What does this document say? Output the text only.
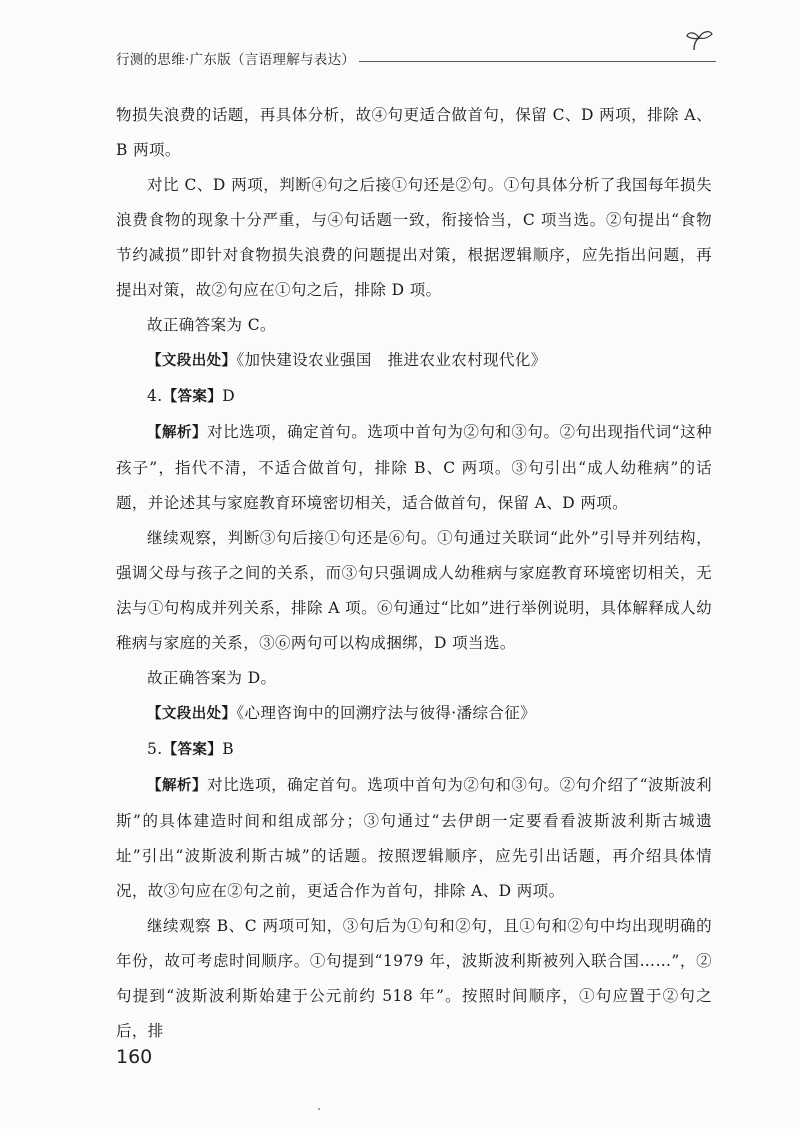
行测的思维·广东版（言语理解与表达）

物损失浪费的话题，再具体分析，故④句更适合做首句，保留 C、D 两项，排除 A、B 两项。

对比 C、D 两项，判断④句之后接①句还是②句。①句具体分析了我国每年损失浪费食物的现象十分严重，与④句话题一致，衔接恰当，C 项当选。②句提出“食物节约减损”即针对食物损失浪费的问题提出对策，根据逻辑顺序，应先指出问题，再提出对策，故②句应在①句之后，排除 D 项。

故正确答案为 C。

【文段出处】《加快建设农业强国　推进农业农村现代化》

4.【答案】D

【解析】对比选项，确定首句。选项中首句为②句和③句。②句出现指代词“这种孩子”，指代不清，不适合做首句，排除 B、C 两项。③句引出“成人幼稚病”的话题，并论述其与家庭教育环境密切相关，适合做首句，保留 A、D 两项。

继续观察，判断③句后接①句还是⑥句。①句通过关联词“此外”引导并列结构，强调父母与孩子之间的关系，而③句只强调成人幼稚病与家庭教育环境密切相关，无法与①句构成并列关系，排除 A 项。⑥句通过“比如”进行举例说明，具体解释成人幼稚病与家庭的关系，③⑥两句可以构成捆绑，D 项当选。

故正确答案为 D。

【文段出处】《心理咨询中的回溯疗法与彼得·潘综合征》

5.【答案】B

【解析】对比选项，确定首句。选项中首句为②句和③句。②句介绍了“波斯波利斯”的具体建造时间和组成部分；③句通过“去伊朗一定要看看波斯波利斯古城遗址”引出“波斯波利斯古城”的话题。按照逻辑顺序，应先引出话题，再介绍具体情况，故③句应在②句之前，更适合作为首句，排除 A、D 两项。

继续观察 B、C 两项可知，③句后为①句和②句，且①句和②句中均出现明确的年份，故可考虑时间顺序。①句提到“1979 年，波斯波利斯被列入联合国……”，②句提到“波斯波利斯始建于公元前约 518 年”。按照时间顺序，①句应置于②句之后，排

160
